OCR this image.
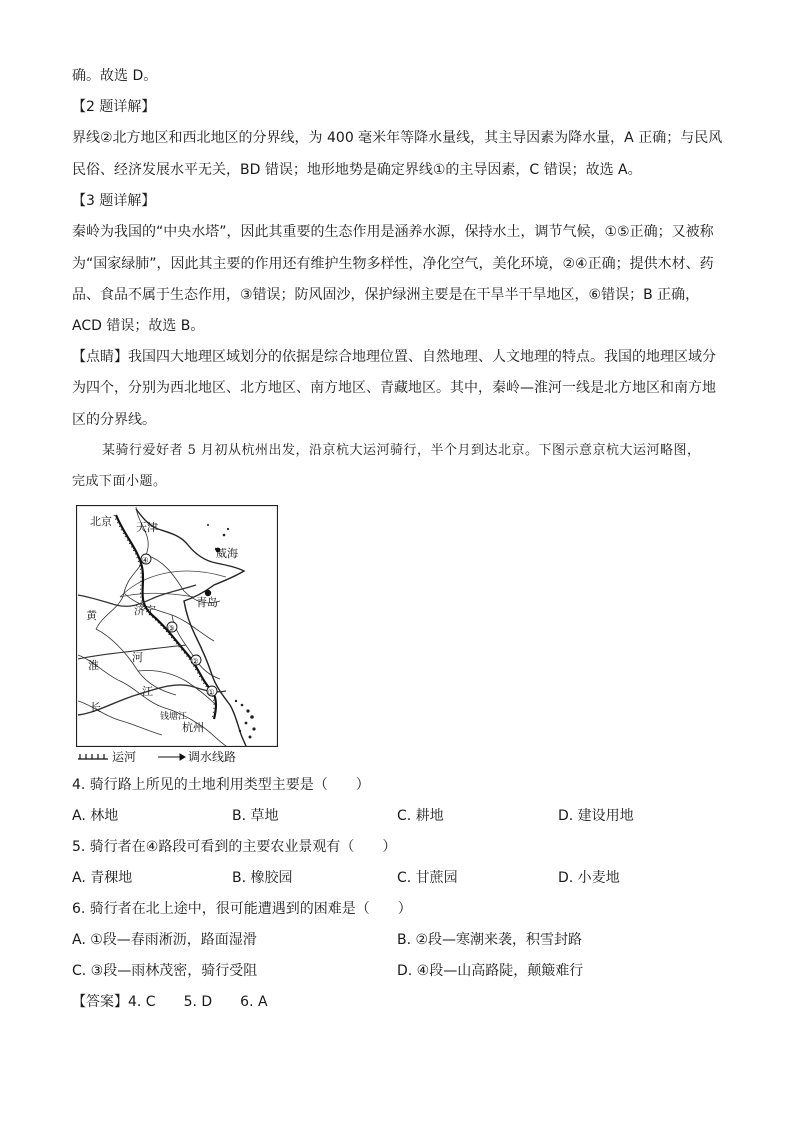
确。故选 D。
【2 题详解】
界线②北方地区和西北地区的分界线，为 400 毫米年等降水量线，其主导因素为降水量，A 正确；与民风
民俗、经济发展水平无关，BD 错误；地形地势是确定界线①的主导因素，C 错误；故选 A。
【3 题详解】
秦岭为我国的“中央水塔”，因此其重要的生态作用是涵养水源，保持水土，调节气候，①⑤正确；又被称
为“国家绿肺”，因此其主要的作用还有维护生物多样性，净化空气，美化环境，②④正确；提供木材、药
品、食品不属于生态作用，③错误；防风固沙，保护绿洲主要是在干旱半干旱地区，⑥错误；B 正确，
ACD 错误；故选 B。
【点睛】我国四大地理区域划分的依据是综合地理位置、自然地理、人文地理的特点。我国的地理区域分
为四个，分别为西北地区、北方地区、南方地区、青藏地区。其中，秦岭—淮河一线是北方地区和南方地
区的分界线。
某骑行爱好者 5 月初从杭州出发，沿京杭大运河骑行，半个月到达北京。下图示意京杭大运河略图，
完成下面小题。
北京 天津
威海
青岛
济宁
黄
河
淮
江
长
钱塘江
杭州
④
③
②
①
运河	调水线路
4. 骑行路上所见的土地利用类型主要是（　　）
A. 林地	B. 草地	C. 耕地	D. 建设用地
5. 骑行者在④路段可看到的主要农业景观有（　　）
A. 青稞地	B. 橡胶园	C. 甘蔗园	D. 小麦地
6. 骑行者在北上途中，很可能遭遇到的困难是（　　）
A. ①段—春雨淅沥，路面湿滑	B. ②段—寒潮来袭，积雪封路
C. ③段—雨林茂密，骑行受阻	D. ④段—山高路陡，颠簸难行
【答案】4. C　　5. D　　6. A
